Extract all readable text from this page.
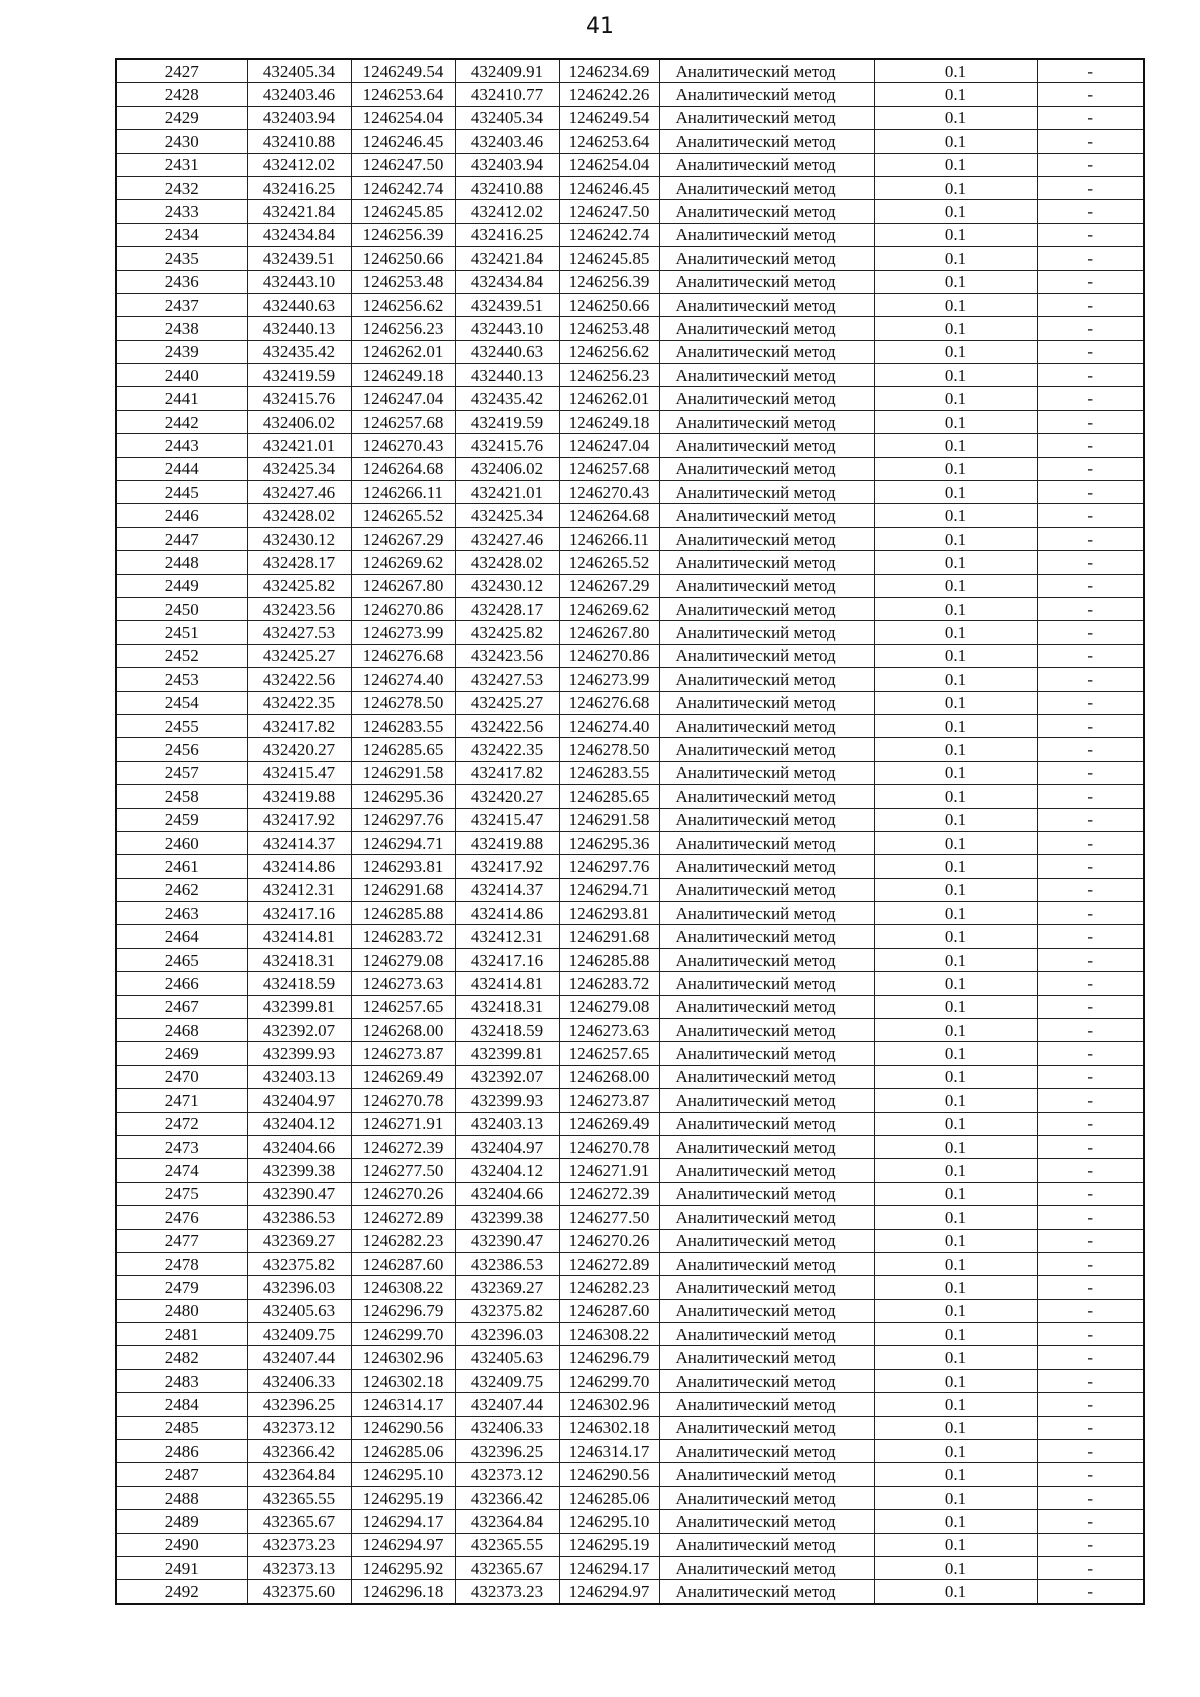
41
2427	432405.34	1246249.54	432409.91	1246234.69	Аналитический метод	0.1	-
2428	432403.46	1246253.64	432410.77	1246242.26	Аналитический метод	0.1	-
2429	432403.94	1246254.04	432405.34	1246249.54	Аналитический метод	0.1	-
2430	432410.88	1246246.45	432403.46	1246253.64	Аналитический метод	0.1	-
2431	432412.02	1246247.50	432403.94	1246254.04	Аналитический метод	0.1	-
2432	432416.25	1246242.74	432410.88	1246246.45	Аналитический метод	0.1	-
2433	432421.84	1246245.85	432412.02	1246247.50	Аналитический метод	0.1	-
2434	432434.84	1246256.39	432416.25	1246242.74	Аналитический метод	0.1	-
2435	432439.51	1246250.66	432421.84	1246245.85	Аналитический метод	0.1	-
2436	432443.10	1246253.48	432434.84	1246256.39	Аналитический метод	0.1	-
2437	432440.63	1246256.62	432439.51	1246250.66	Аналитический метод	0.1	-
2438	432440.13	1246256.23	432443.10	1246253.48	Аналитический метод	0.1	-
2439	432435.42	1246262.01	432440.63	1246256.62	Аналитический метод	0.1	-
2440	432419.59	1246249.18	432440.13	1246256.23	Аналитический метод	0.1	-
2441	432415.76	1246247.04	432435.42	1246262.01	Аналитический метод	0.1	-
2442	432406.02	1246257.68	432419.59	1246249.18	Аналитический метод	0.1	-
2443	432421.01	1246270.43	432415.76	1246247.04	Аналитический метод	0.1	-
2444	432425.34	1246264.68	432406.02	1246257.68	Аналитический метод	0.1	-
2445	432427.46	1246266.11	432421.01	1246270.43	Аналитический метод	0.1	-
2446	432428.02	1246265.52	432425.34	1246264.68	Аналитический метод	0.1	-
2447	432430.12	1246267.29	432427.46	1246266.11	Аналитический метод	0.1	-
2448	432428.17	1246269.62	432428.02	1246265.52	Аналитический метод	0.1	-
2449	432425.82	1246267.80	432430.12	1246267.29	Аналитический метод	0.1	-
2450	432423.56	1246270.86	432428.17	1246269.62	Аналитический метод	0.1	-
2451	432427.53	1246273.99	432425.82	1246267.80	Аналитический метод	0.1	-
2452	432425.27	1246276.68	432423.56	1246270.86	Аналитический метод	0.1	-
2453	432422.56	1246274.40	432427.53	1246273.99	Аналитический метод	0.1	-
2454	432422.35	1246278.50	432425.27	1246276.68	Аналитический метод	0.1	-
2455	432417.82	1246283.55	432422.56	1246274.40	Аналитический метод	0.1	-
2456	432420.27	1246285.65	432422.35	1246278.50	Аналитический метод	0.1	-
2457	432415.47	1246291.58	432417.82	1246283.55	Аналитический метод	0.1	-
2458	432419.88	1246295.36	432420.27	1246285.65	Аналитический метод	0.1	-
2459	432417.92	1246297.76	432415.47	1246291.58	Аналитический метод	0.1	-
2460	432414.37	1246294.71	432419.88	1246295.36	Аналитический метод	0.1	-
2461	432414.86	1246293.81	432417.92	1246297.76	Аналитический метод	0.1	-
2462	432412.31	1246291.68	432414.37	1246294.71	Аналитический метод	0.1	-
2463	432417.16	1246285.88	432414.86	1246293.81	Аналитический метод	0.1	-
2464	432414.81	1246283.72	432412.31	1246291.68	Аналитический метод	0.1	-
2465	432418.31	1246279.08	432417.16	1246285.88	Аналитический метод	0.1	-
2466	432418.59	1246273.63	432414.81	1246283.72	Аналитический метод	0.1	-
2467	432399.81	1246257.65	432418.31	1246279.08	Аналитический метод	0.1	-
2468	432392.07	1246268.00	432418.59	1246273.63	Аналитический метод	0.1	-
2469	432399.93	1246273.87	432399.81	1246257.65	Аналитический метод	0.1	-
2470	432403.13	1246269.49	432392.07	1246268.00	Аналитический метод	0.1	-
2471	432404.97	1246270.78	432399.93	1246273.87	Аналитический метод	0.1	-
2472	432404.12	1246271.91	432403.13	1246269.49	Аналитический метод	0.1	-
2473	432404.66	1246272.39	432404.97	1246270.78	Аналитический метод	0.1	-
2474	432399.38	1246277.50	432404.12	1246271.91	Аналитический метод	0.1	-
2475	432390.47	1246270.26	432404.66	1246272.39	Аналитический метод	0.1	-
2476	432386.53	1246272.89	432399.38	1246277.50	Аналитический метод	0.1	-
2477	432369.27	1246282.23	432390.47	1246270.26	Аналитический метод	0.1	-
2478	432375.82	1246287.60	432386.53	1246272.89	Аналитический метод	0.1	-
2479	432396.03	1246308.22	432369.27	1246282.23	Аналитический метод	0.1	-
2480	432405.63	1246296.79	432375.82	1246287.60	Аналитический метод	0.1	-
2481	432409.75	1246299.70	432396.03	1246308.22	Аналитический метод	0.1	-
2482	432407.44	1246302.96	432405.63	1246296.79	Аналитический метод	0.1	-
2483	432406.33	1246302.18	432409.75	1246299.70	Аналитический метод	0.1	-
2484	432396.25	1246314.17	432407.44	1246302.96	Аналитический метод	0.1	-
2485	432373.12	1246290.56	432406.33	1246302.18	Аналитический метод	0.1	-
2486	432366.42	1246285.06	432396.25	1246314.17	Аналитический метод	0.1	-
2487	432364.84	1246295.10	432373.12	1246290.56	Аналитический метод	0.1	-
2488	432365.55	1246295.19	432366.42	1246285.06	Аналитический метод	0.1	-
2489	432365.67	1246294.17	432364.84	1246295.10	Аналитический метод	0.1	-
2490	432373.23	1246294.97	432365.55	1246295.19	Аналитический метод	0.1	-
2491	432373.13	1246295.92	432365.67	1246294.17	Аналитический метод	0.1	-
2492	432375.60	1246296.18	432373.23	1246294.97	Аналитический метод	0.1	-
